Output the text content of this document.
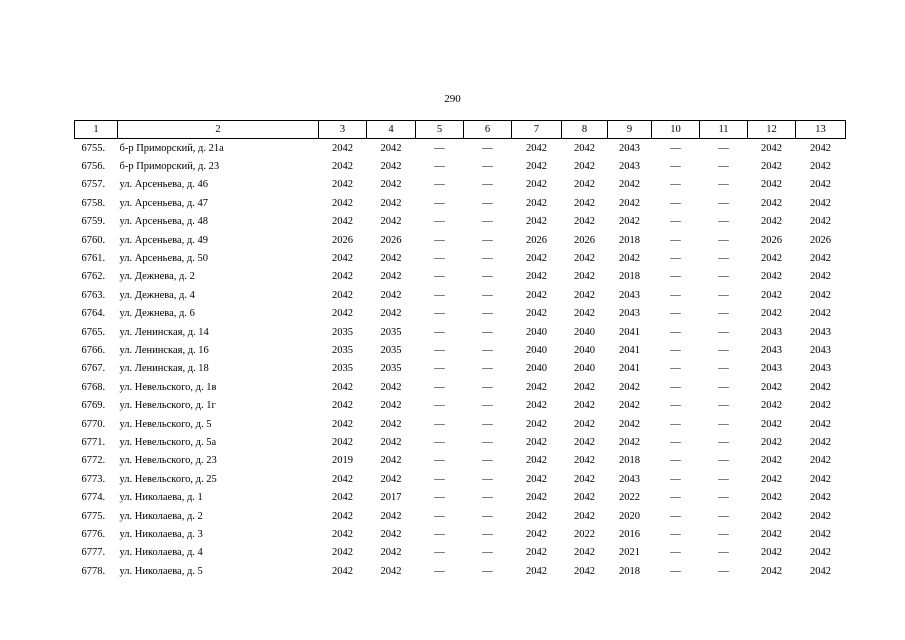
290
1	2	3	4	5	6	7	8	9	10	11	12	13
6755.	б-р Приморский, д. 21а	2042	2042	—	—	2042	2042	2043	—	—	2042	2042
6756.	б-р Приморский, д. 23	2042	2042	—	—	2042	2042	2043	—	—	2042	2042
6757.	ул. Арсеньева, д. 46	2042	2042	—	—	2042	2042	2042	—	—	2042	2042
6758.	ул. Арсеньева, д. 47	2042	2042	—	—	2042	2042	2042	—	—	2042	2042
6759.	ул. Арсеньева, д. 48	2042	2042	—	—	2042	2042	2042	—	—	2042	2042
6760.	ул. Арсеньева, д. 49	2026	2026	—	—	2026	2026	2018	—	—	2026	2026
6761.	ул. Арсеньева, д. 50	2042	2042	—	—	2042	2042	2042	—	—	2042	2042
6762.	ул. Дежнева, д. 2	2042	2042	—	—	2042	2042	2018	—	—	2042	2042
6763.	ул. Дежнева, д. 4	2042	2042	—	—	2042	2042	2043	—	—	2042	2042
6764.	ул. Дежнева, д. 6	2042	2042	—	—	2042	2042	2043	—	—	2042	2042
6765.	ул. Ленинская, д. 14	2035	2035	—	—	2040	2040	2041	—	—	2043	2043
6766.	ул. Ленинская, д. 16	2035	2035	—	—	2040	2040	2041	—	—	2043	2043
6767.	ул. Ленинская, д. 18	2035	2035	—	—	2040	2040	2041	—	—	2043	2043
6768.	ул. Невельского, д. 1в	2042	2042	—	—	2042	2042	2042	—	—	2042	2042
6769.	ул. Невельского, д. 1г	2042	2042	—	—	2042	2042	2042	—	—	2042	2042
6770.	ул. Невельского, д. 5	2042	2042	—	—	2042	2042	2042	—	—	2042	2042
6771.	ул. Невельского, д. 5а	2042	2042	—	—	2042	2042	2042	—	—	2042	2042
6772.	ул. Невельского, д. 23	2019	2042	—	—	2042	2042	2018	—	—	2042	2042
6773.	ул. Невельского, д. 25	2042	2042	—	—	2042	2042	2043	—	—	2042	2042
6774.	ул. Николаева, д. 1	2042	2017	—	—	2042	2042	2022	—	—	2042	2042
6775.	ул. Николаева, д. 2	2042	2042	—	—	2042	2042	2020	—	—	2042	2042
6776.	ул. Николаева, д. 3	2042	2042	—	—	2042	2022	2016	—	—	2042	2042
6777.	ул. Николаева, д. 4	2042	2042	—	—	2042	2042	2021	—	—	2042	2042
6778.	ул. Николаева, д. 5	2042	2042	—	—	2042	2042	2018	—	—	2042	2042
